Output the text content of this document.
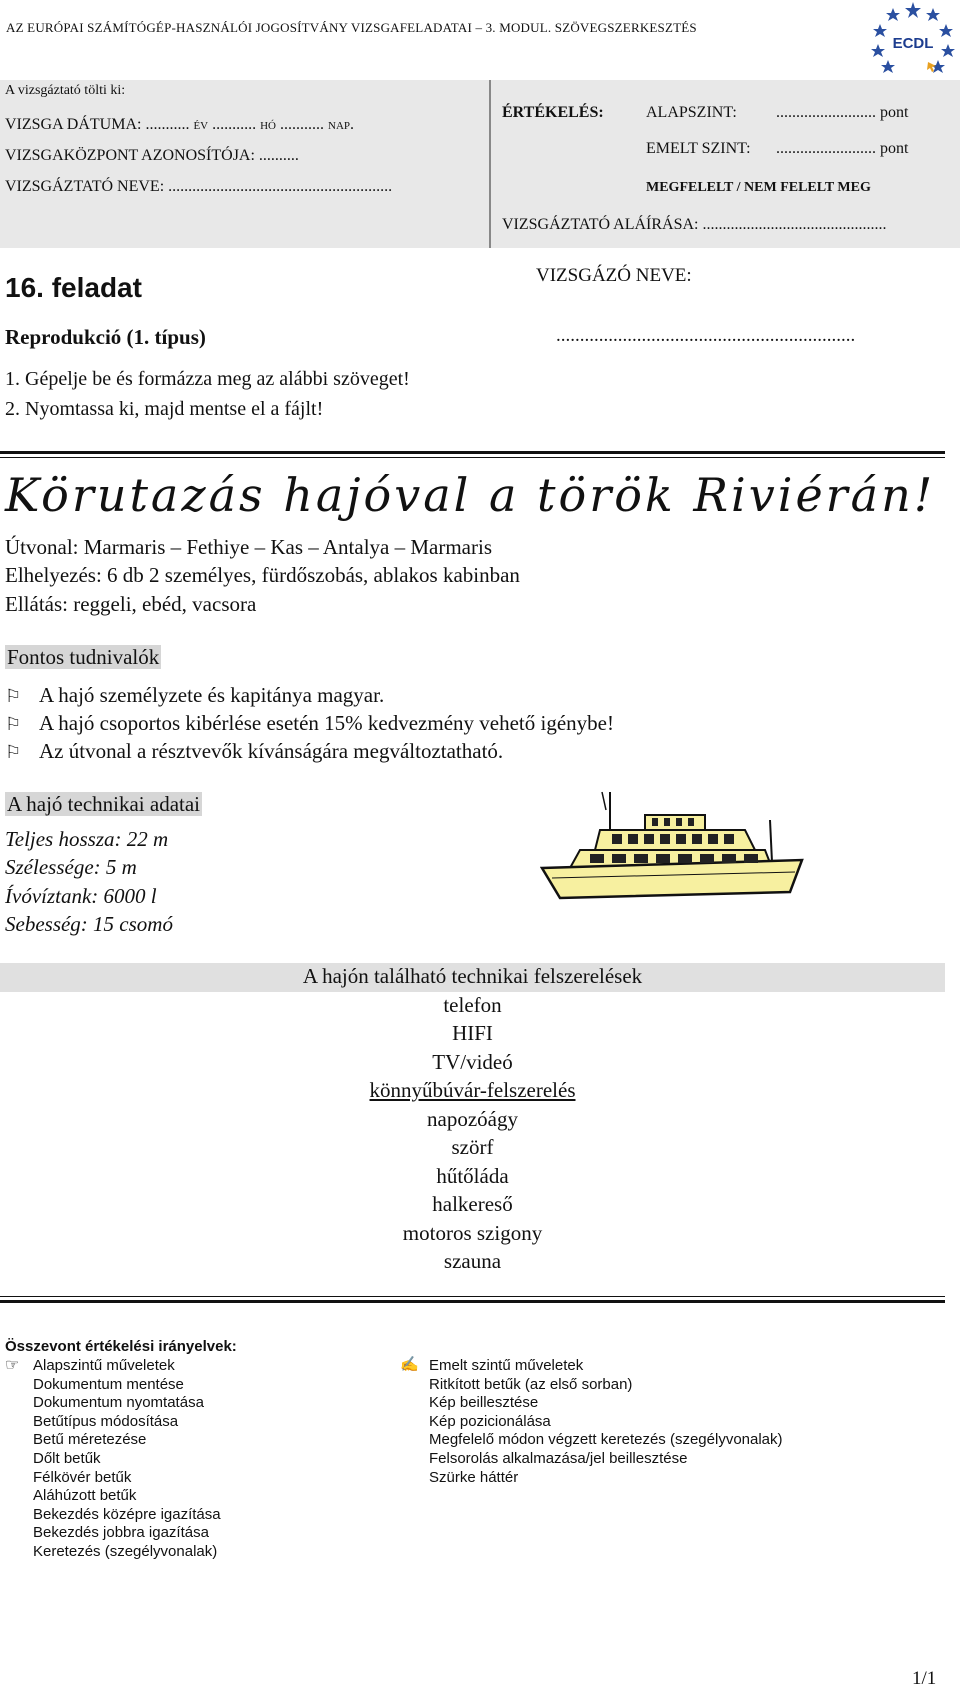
AZ EURÓPAI SZÁMÍTÓGÉP-HASZNÁLÓI JOGOSÍTVÁNY VIZSGAFELADATAI – 3. MODUL. SZÖVEGSZERKESZTÉS
ECDL
A vizsgáztató tölti ki:
VIZSGA DÁTUMA: ........... év ........... hó ........... nap.
VIZSGAKÖZPONT AZONOSÍTÓJA: ..........
VIZSGÁZTATÓ NEVE: ........................................................
ÉRTÉKELÉS:	ALAPSZINT: ......................... pont
EMELT SZINT: ......................... pont
MEGFELELT / NEM FELELT MEG
VIZSGÁZTATÓ ALÁÍRÁSA: ..............................................
16. feladat	VIZSGÁZÓ NEVE:
...............................................................
Reprodukció (1. típus)
1. Gépelje be és formázza meg az alábbi szöveget!
2. Nyomtassa ki, majd mentse el a fájlt!
Körutazás hajóval a török Riviérán!
Útvonal: Marmaris – Fethiye – Kas – Antalya – Marmaris
Elhelyezés: 6 db 2 személyes, fürdőszobás, ablakos kabinban
Ellátás: reggeli, ebéd, vacsora
Fontos tudnivalók
⚐ A hajó személyzete és kapitánya magyar.
⚐ A hajó csoportos kibérlése esetén 15% kedvezmény vehető igénybe!
⚐ Az útvonal a résztvevők kívánságára megváltoztatható.
A hajó technikai adatai
Teljes hossza: 22 m
Szélessége: 5 m
Ívóvíztank: 6000 l
Sebesség: 15 csomó
A hajón található technikai felszerelések
telefon
HIFI
TV/videó
könnyűbúvár-felszerelés
napozóágy
szörf
hűtőláda
halkereső
motoros szigony
szauna
Összevont értékelési irányelvek:
☞ Alapszintű műveletek
Dokumentum mentése
Dokumentum nyomtatása
Betűtípus módosítása
Betű méretezése
Dőlt betűk
Félkövér betűk
Aláhúzott betűk
Bekezdés középre igazítása
Bekezdés jobbra igazítása
Keretezés (szegélyvonalak)
✍ Emelt szintű műveletek
Ritkított betűk (az első sorban)
Kép beillesztése
Kép pozicionálása
Megfelelő módon végzett keretezés (szegélyvonalak)
Felsorolás alkalmazása/jel beillesztése
Szürke háttér
1/1
